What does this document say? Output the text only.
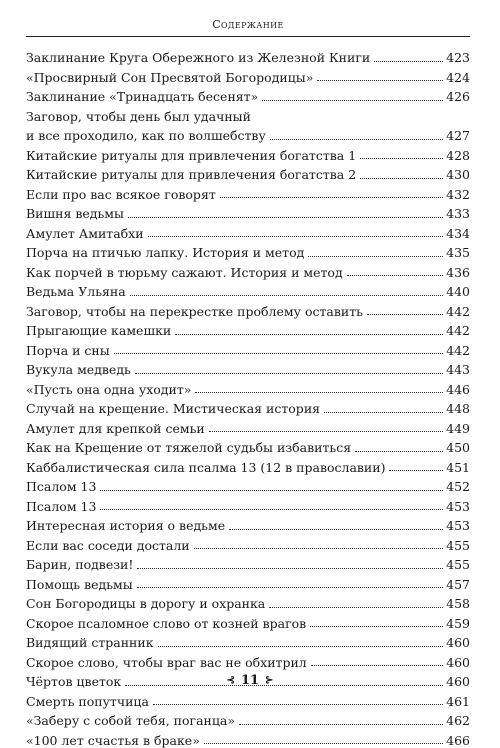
Содержание
Заклинание Круга Обережного из Железной Книги	423
«Просвирный Сон Пресвятой Богородицы»	424
Заклинание «Тринадцать бесенят»	426
Заговор, чтобы день был удачный
и все проходило, как по волшебству	427
Китайские ритуалы для привлечения богатства 1	428
Китайские ритуалы для привлечения богатства 2	430
Если про вас всякое говорят	432
Вишня ведьмы	433
Амулет Амитабхи	434
Порча на птичью лапку. История и метод	435
Как порчей в тюрьму сажают. История и метод	436
Ведьма Ульяна	440
Заговор, чтобы на перекрестке проблему оставить	442
Прыгающие камешки	442
Порча и сны	442
Вукула медведь	443
«Пусть она одна уходит»	446
Случай на крещение. Мистическая история	448
Амулет для крепкой семьи	449
Как на Крещение от тяжелой судьбы избавиться	450
Каббалистическая сила псалма 13 (12 в православии)	451
Псалом 13	452
Псалом 13	453
Интересная история о ведьме	453
Если вас соседи достали	455
Барин, подвези!	455
Помощь ведьмы	457
Сон Богородицы в дорогу и охранка	458
Скорое псаломное слово от козней врагов	459
Видящий странник	460
Скорое слово, чтобы враг вас не обхитрил	460
Чёртов цветок	460
Смерть попутчица	461
«Заберу с собой тебя, поганца»	462
«100 лет счастья в браке»	466
⊰ 11 ⊱
